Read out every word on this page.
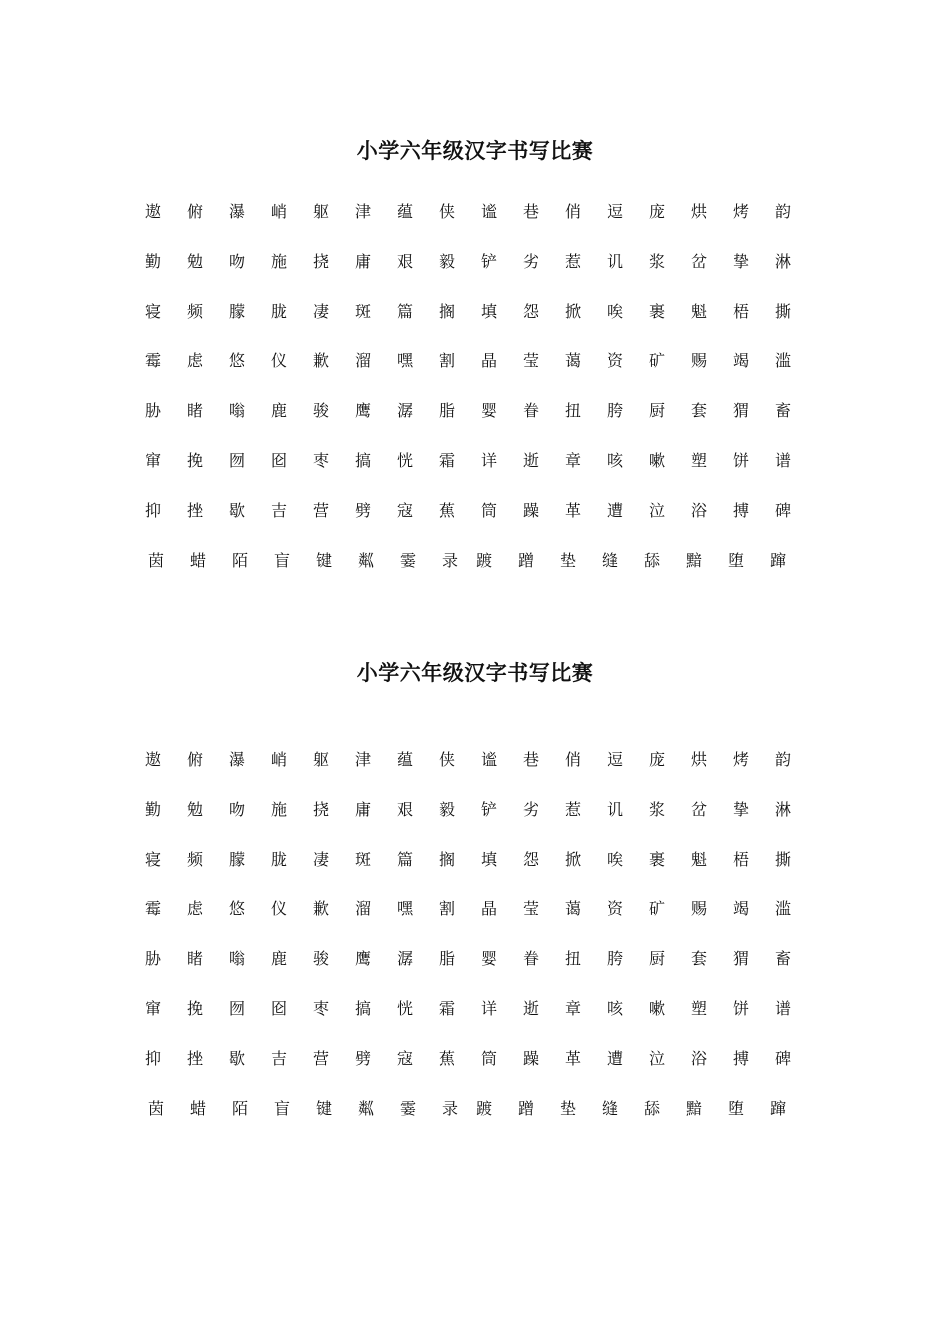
小学六年级汉字书写比赛
遨	俯	瀑	峭	躯	津	蕴	侠	谧	巷	俏	逗	庞	烘	烤	韵
勤	勉	吻	施	挠	庸	艰	毅	铲	劣	惹	讥	浆	岔	挚	淋
寝	频	朦	胧	凄	斑	篇	搁	填	怨	掀	唉	裹	魁	梧	撕
霉	虑	悠	仪	歉	溜	嘿	割	晶	莹	蔼	资	矿	赐	竭	滥
胁	睹	嗡	鹿	骏	鹰	潺	脂	婴	眷	扭	胯	厨	套	猬	畜
窜	挽	囫	囵	枣	搞	恍	霜	详	逝	章	咳	嗽	塑	饼	谱
抑	挫	歇	吉	营	劈	寇	蕉	筒	躁	革	遭	泣	浴	搏	碑
茵	蜡	陌	盲	键	粼	霎	录	踱	蹭	垫	缝	舔	黯	堕	蹿
小学六年级汉字书写比赛
遨	俯	瀑	峭	躯	津	蕴	侠	谧	巷	俏	逗	庞	烘	烤	韵
勤	勉	吻	施	挠	庸	艰	毅	铲	劣	惹	讥	浆	岔	挚	淋
寝	频	朦	胧	凄	斑	篇	搁	填	怨	掀	唉	裹	魁	梧	撕
霉	虑	悠	仪	歉	溜	嘿	割	晶	莹	蔼	资	矿	赐	竭	滥
胁	睹	嗡	鹿	骏	鹰	潺	脂	婴	眷	扭	胯	厨	套	猬	畜
窜	挽	囫	囵	枣	搞	恍	霜	详	逝	章	咳	嗽	塑	饼	谱
抑	挫	歇	吉	营	劈	寇	蕉	筒	躁	革	遭	泣	浴	搏	碑
茵	蜡	陌	盲	键	粼	霎	录	踱	蹭	垫	缝	舔	黯	堕	蹿
